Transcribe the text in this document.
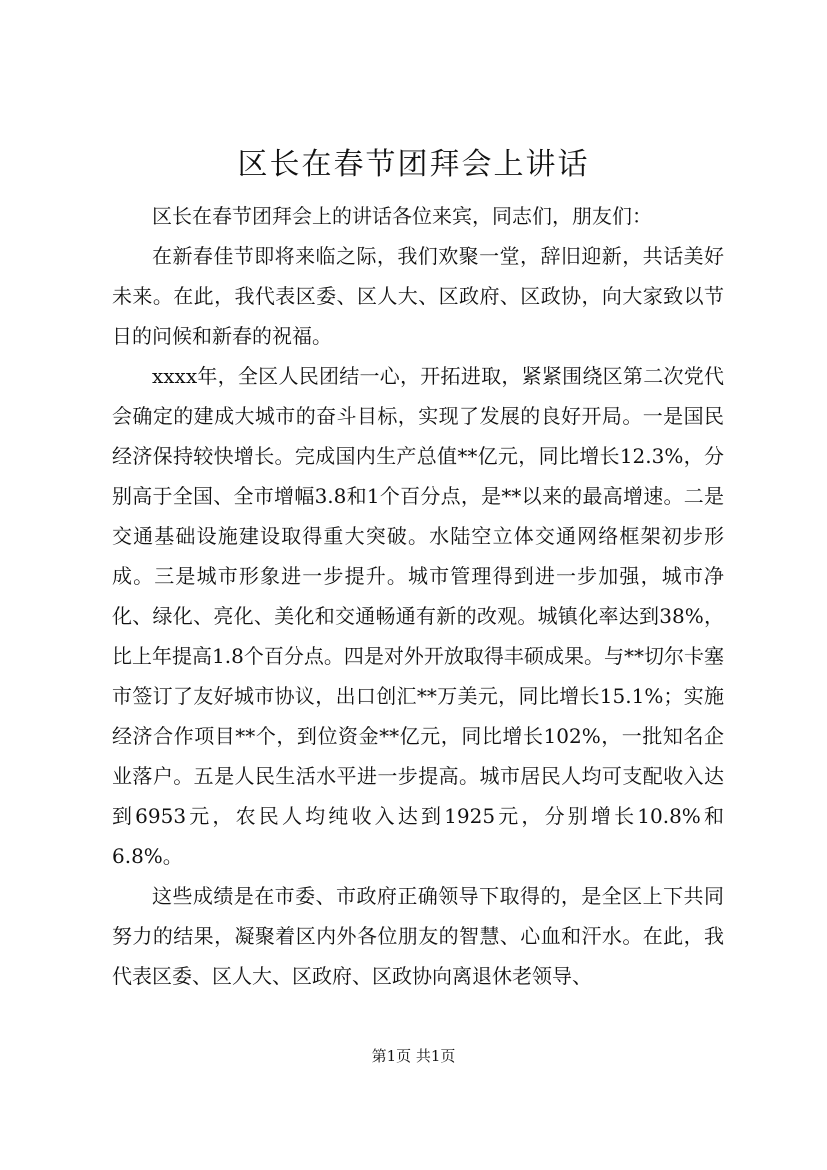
区长在春节团拜会上讲话

区长在春节团拜会上的讲话各位来宾，同志们，朋友们：

在新春佳节即将来临之际，我们欢聚一堂，辞旧迎新，共话美好未来。在此，我代表区委、区人大、区政府、区政协，向大家致以节日的问候和新春的祝福。

xxxx年，全区人民团结一心，开拓进取，紧紧围绕区第二次党代会确定的建成大城市的奋斗目标，实现了发展的良好开局。一是国民经济保持较快增长。完成国内生产总值**亿元，同比增长12.3%，分别高于全国、全市增幅3.8和1个百分点，是**以来的最高增速。二是交通基础设施建设取得重大突破。水陆空立体交通网络框架初步形成。三是城市形象进一步提升。城市管理得到进一步加强，城市净化、绿化、亮化、美化和交通畅通有新的改观。城镇化率达到38%，比上年提高1.8个百分点。四是对外开放取得丰硕成果。与**切尔卡塞市签订了友好城市协议，出口创汇**万美元，同比增长15.1%；实施经济合作项目**个，到位资金**亿元，同比增长102%，一批知名企业落户。五是人民生活水平进一步提高。城市居民人均可支配收入达到6953元，农民人均纯收入达到1925元，分别增长10.8%和6.8%。

这些成绩是在市委、市政府正确领导下取得的，是全区上下共同努力的结果，凝聚着区内外各位朋友的智慧、心血和汗水。在此，我代表区委、区人大、区政府、区政协向离退休老领导、

第1页 共1页
